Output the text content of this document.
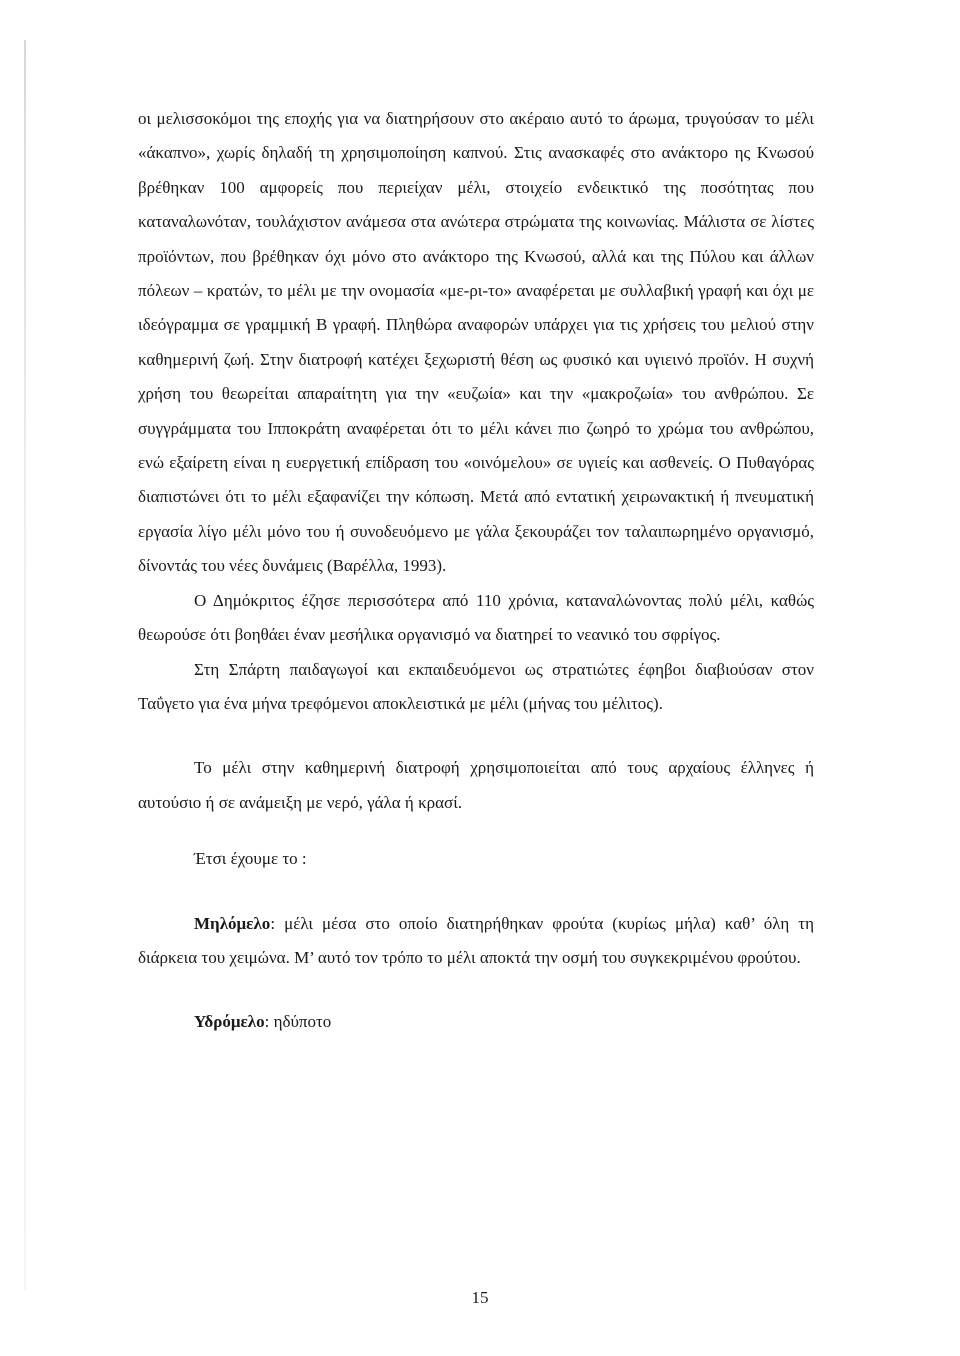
οι μελισσοκόμοι της εποχής για να διατηρήσουν στο ακέραιο αυτό το άρωμα, τρυγούσαν το μέλι «άκαπνο», χωρίς δηλαδή τη χρησιμοποίηση καπνού. Στις ανασκαφές στο ανάκτορο ης Κνωσού βρέθηκαν 100 αμφορείς που περιείχαν μέλι, στοιχείο ενδεικτικό της ποσότητας που καταναλωνόταν, τουλάχιστον ανάμεσα στα ανώτερα στρώματα της κοινωνίας. Μάλιστα σε λίστες προϊόντων, που βρέθηκαν όχι μόνο στο ανάκτορο της Κνωσού, αλλά και της Πύλου και άλλων πόλεων – κρατών, το μέλι με την ονομασία «με-ρι-το» αναφέρεται με συλλαβική γραφή και όχι με ιδεόγραμμα σε γραμμική Β γραφή. Πληθώρα αναφορών υπάρχει για τις χρήσεις του μελιού στην καθημερινή ζωή. Στην διατροφή κατέχει ξεχωριστή θέση ως φυσικό και υγιεινό προϊόν. Η συχνή χρήση του θεωρείται απαραίτητη για την «ευζωία» και την «μακροζωία» του ανθρώπου. Σε συγγράμματα του Ιπποκράτη αναφέρεται ότι το μέλι κάνει πιο ζωηρό το χρώμα του ανθρώπου, ενώ εξαίρετη είναι η ευεργετική επίδραση του «οινόμελου» σε υγιείς και ασθενείς. Ο Πυθαγόρας διαπιστώνει ότι το μέλι εξαφανίζει την κόπωση. Μετά από εντατική χειρωνακτική ή πνευματική εργασία λίγο μέλι μόνο του ή συνοδευόμενο με γάλα ξεκουράζει τον ταλαιπωρημένο οργανισμό, δίνοντάς του νέες δυνάμεις (Βαρέλλα, 1993).

Ο Δημόκριτος έζησε περισσότερα από 110 χρόνια, καταναλώνοντας πολύ μέλι, καθώς θεωρούσε ότι βοηθάει έναν μεσήλικα οργανισμό να διατηρεί το νεανικό του σφρίγος.

Στη Σπάρτη παιδαγωγοί και εκπαιδευόμενοι ως στρατιώτες έφηβοι διαβιούσαν στον Ταΰγετο για ένα μήνα τρεφόμενοι αποκλειστικά με μέλι (μήνας του μέλιτος).

Το μέλι στην καθημερινή διατροφή χρησιμοποιείται από τους αρχαίους έλληνες ή αυτούσιο ή σε ανάμειξη με νερό, γάλα ή κρασί.

Έτσι έχουμε το :

Μηλόμελο: μέλι μέσα στο οποίο διατηρήθηκαν φρούτα (κυρίως μήλα) καθ’ όλη τη διάρκεια του χειμώνα. Μ’ αυτό τον τρόπο το μέλι αποκτά την οσμή του συγκεκριμένου φρούτου.

Υδρόμελο: ηδύποτο

15
